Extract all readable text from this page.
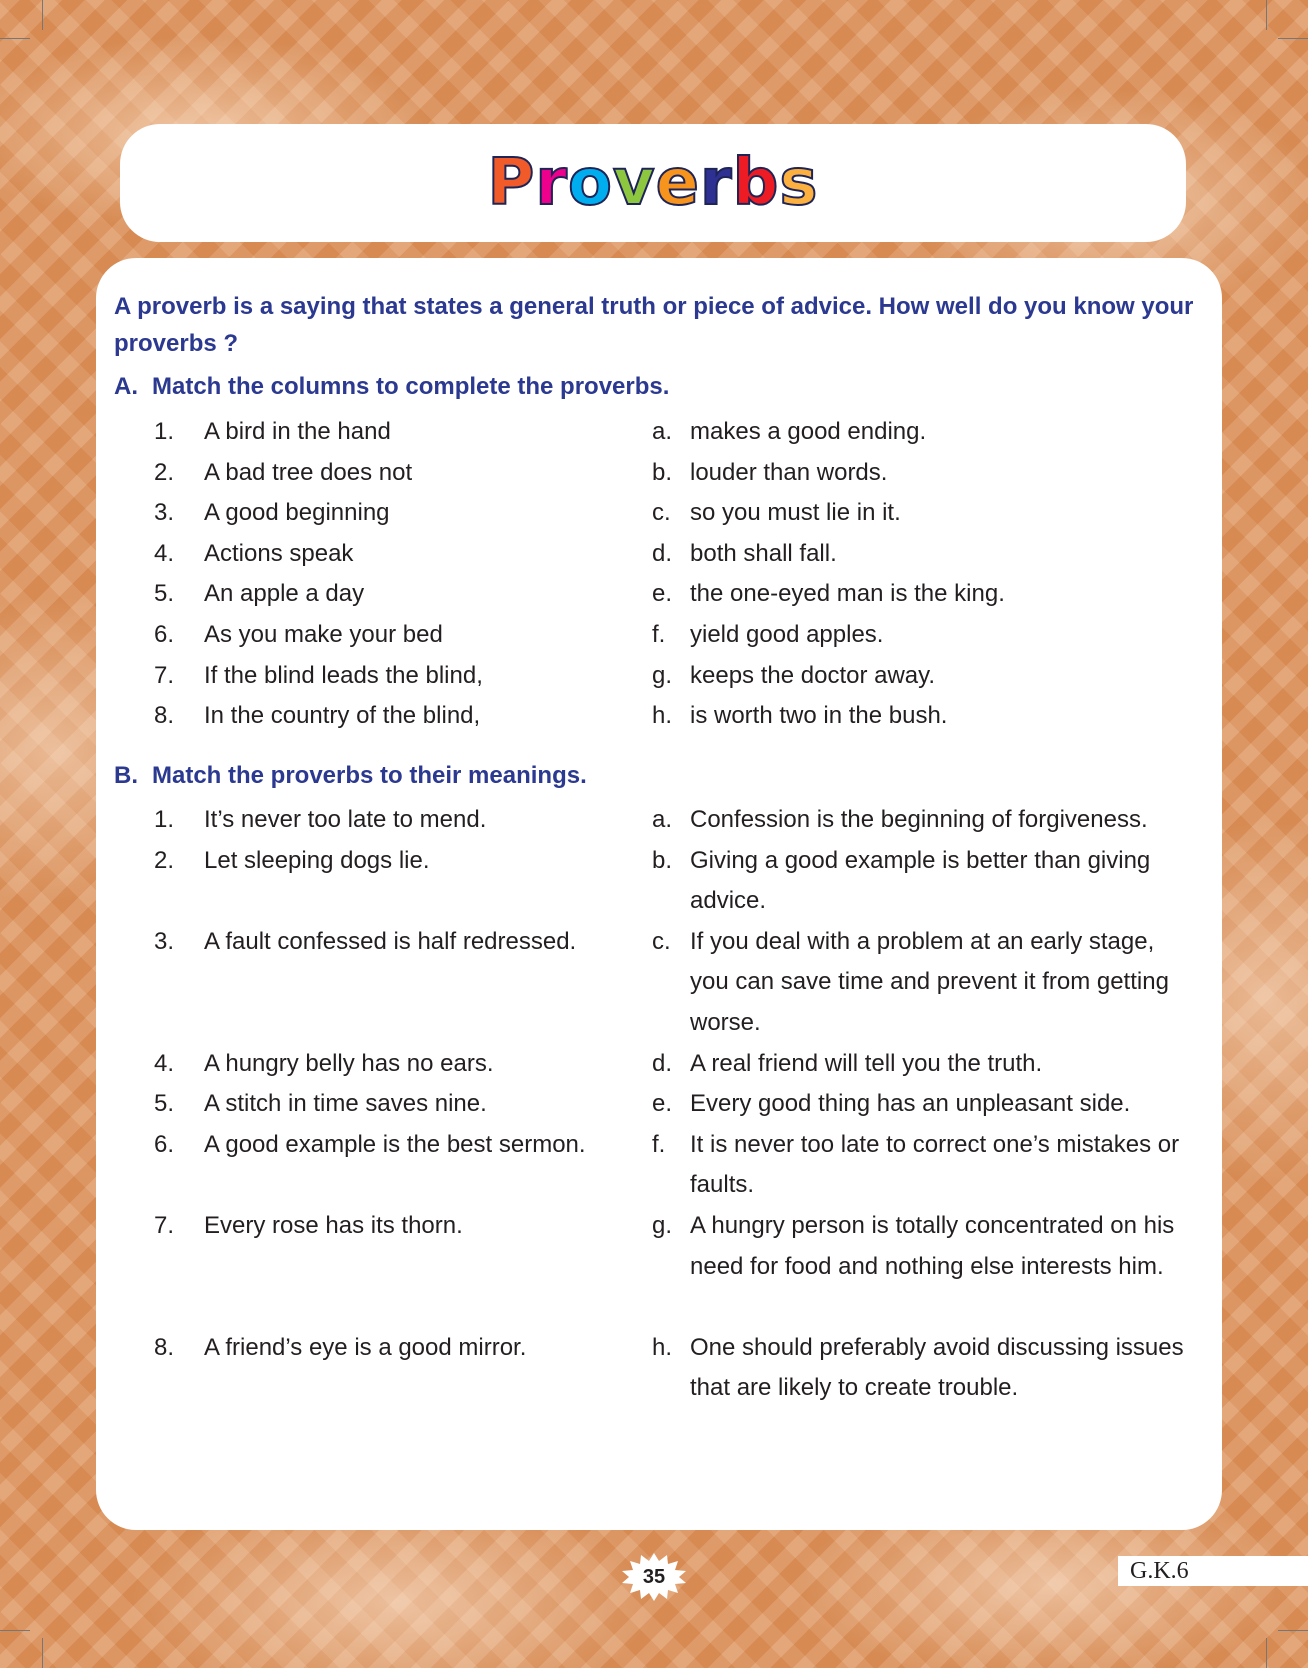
Proverbs
A proverb is a saying that states a general truth or piece of advice. How well do you know your proverbs ?
A. Match the columns to complete the proverbs.
1. A bird in the hand	a. makes a good ending.
2. A bad tree does not	b. louder than words.
3. A good beginning	c. so you must lie in it.
4. Actions speak	d. both shall fall.
5. An apple a day	e. the one-eyed man is the king.
6. As you make your bed	f. yield good apples.
7. If the blind leads the blind,	g. keeps the doctor away.
8. In the country of the blind,	h. is worth two in the bush.
B. Match the proverbs to their meanings.
1. It’s never too late to mend.	a. Confession is the beginning of forgiveness.
2. Let sleeping dogs lie.	b. Giving a good example is better than giving advice.
3. A fault confessed is half redressed.	c. If you deal with a problem at an early stage, you can save time and prevent it from getting worse.
4. A hungry belly has no ears.	d. A real friend will tell you the truth.
5. A stitch in time saves nine.	e. Every good thing has an unpleasant side.
6. A good example is the best sermon.	f. It is never too late to correct one’s mistakes or faults.
7. Every rose has its thorn.	g. A hungry person is totally concentrated on his need for food and nothing else interests him.
8. A friend’s eye is a good mirror.	h. One should preferably avoid discussing issues that are likely to create trouble.
35	G.K.6
